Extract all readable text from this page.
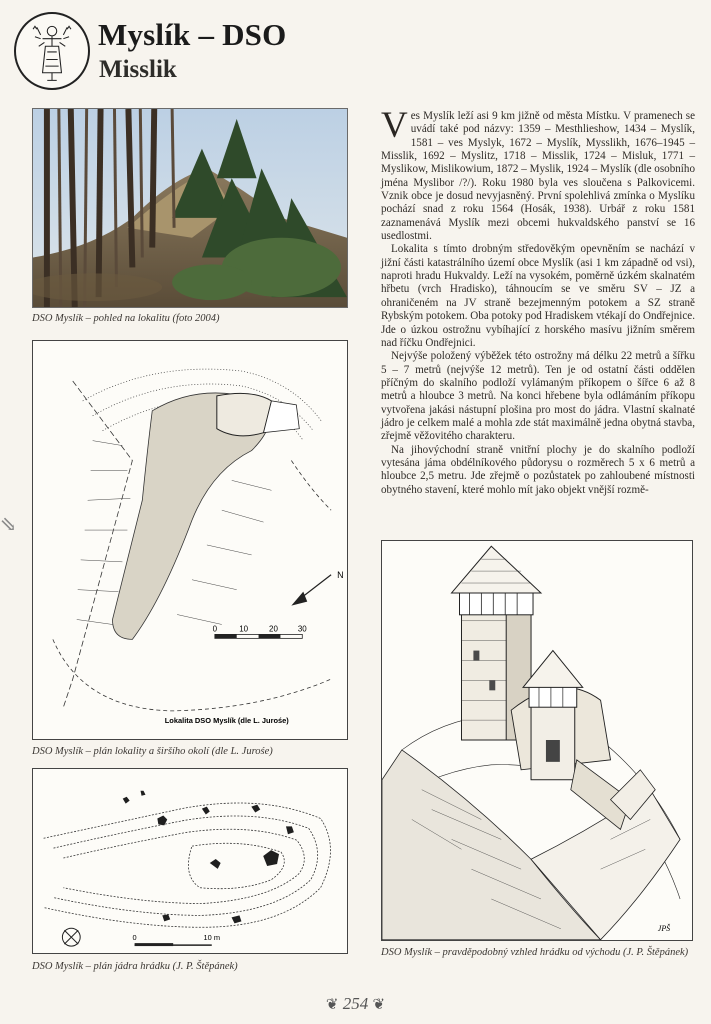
Myslík – DSO
Misslik
DSO Myslík – pohled na lokalitu (foto 2004)
0	10	20 30
N
Lokalita DSO Myslík (dle L. Jurośe)
DSO Myslík – plán lokality a širšího okolí (dle L. Jurośe)
0	10 m
DSO Myslík – plán jádra hrádku (J. P. Štěpánek)

Ves Myslík leží asi 9 km jižně od města Místku. V pramenech se uvádí také pod názvy: 1359 – Mesthlieshow, 1434 – Myslík, 1581 – ves Myslyk, 1672 – Myslík, Mysslikh, 1676–1945 – Misslik, 1692 – Myslitz, 1718 – Misslik, 1724 – Misluk, 1771 – Myslikow, Mislikowium, 1872 – Myslik, 1924 – Myslík (dle osobního jména Myslibor /?/). Roku 1980 byla ves sloučena s Palkovicemi. Vznik obce je dosud nevyjasněný. První spolehlivá zmínka o Myslíku pochází snad z roku 1564 (Hosák, 1938). Urbář z roku 1581 zaznamenává Myslík mezi obcemi hukvaldského panství se 16 usedlostmi.

Lokalita s tímto drobným středověkým opevněním se nachází v jižní části katastrálního území obce Myslík (asi 1 km západně od vsi), naproti hradu Hukvaldy. Leží na vysokém, poměrně úzkém skalnatém hřbetu (vrch Hradisko), táhnoucím se ve směru SV – JZ a ohraničeném na JV straně bezejmenným potokem a SZ straně Rybským potokem. Oba potoky pod Hradiskem vtékají do Ondřejnice. Jde o úzkou ostrožnu vybíhající z horského masívu jižním směrem nad říčku Ondřejnici.

Nejvýše položený výběžek této ostrožny má délku 22 metrů a šířku 5 – 7 metrů (nejvýše 12 metrů). Ten je od ostatní části oddělen příčným do skalního podloží vylámaným příkopem o šířce 6 až 8 metrů a hloubce 3 metrů. Na konci hřebene byla odlámáním příkopu vytvořena jakási nástupní plošina pro most do jádra. Vlastní skalnaté jádro je celkem malé a mohla zde stát maximálně jedna obytná stavba, zřejmě věžovitého charakteru.

Na jihovýchodní straně vnitřní plochy je do skalního podloží vytesána jáma obdélníkového půdorysu o rozměrech 5 x 6 metrů a hloubce 2,5 metru. Jde zřejmě o pozůstatek po zahloubené místnosti obytného stavení, které mohlo mít jako objekt vnější rozmě-

JPŠ
DSO Myslík – pravděpodobný vzhled hrádku od východu (J. P. Štěpánek)
⇘
❦ 254 ❦
